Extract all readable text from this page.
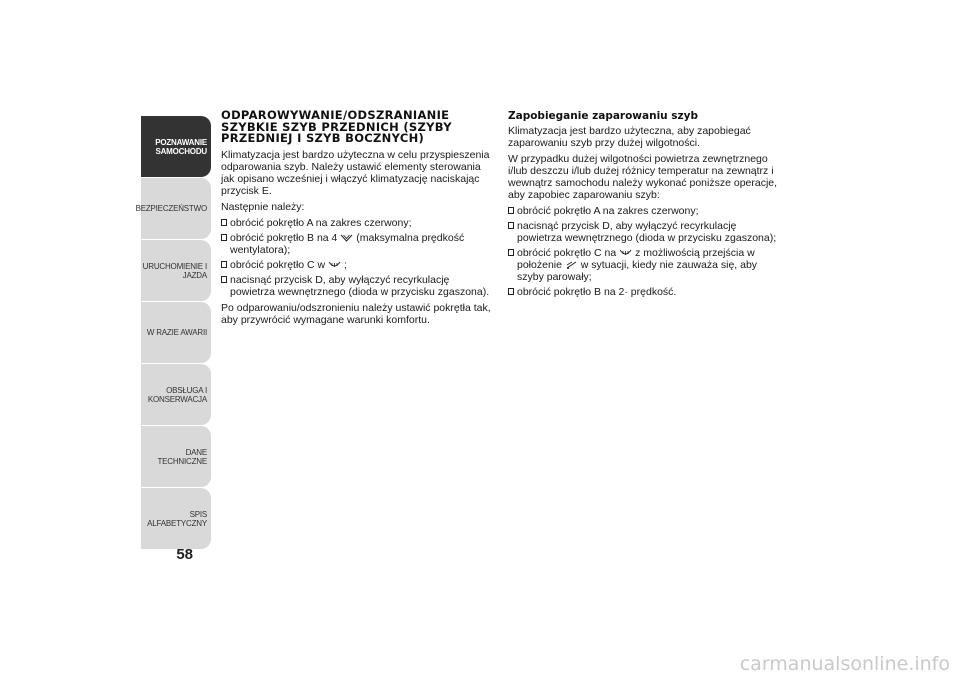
POZNAWANIE SAMOCHODU
BEZPIECZEŃSTWO
URUCHOMIENIE I JAZDA
W RAZIE AWARII
OBSŁUGA I KONSERWACJA
DANE TECHNICZNE
SPIS ALFABETYCZNY
58
ODPAROWYWANIE/ODSZRANIANIE SZYBKIE SZYB PRZEDNICH (SZYBY PRZEDNIEJ I SZYB BOCZNYCH)

Klimatyzacja jest bardzo użyteczna w celu przyspieszenia odparowania szyb. Należy ustawić elementy sterowania jak opisano wcześniej i włączyć klimatyzację naciskając przycisk E.

Następnie należy:

obrócić pokrętło A na zakres czerwony;
obrócić pokrętło B na 4 (maksymalna prędkość wentylatora);
obrócić pokrętło C w ;
nacisnąć przycisk D, aby wyłączyć recyrkulację powietrza wewnętrznego (dioda w przycisku zgaszona).

Po odparowaniu/odszronieniu należy ustawić pokrętła tak, aby przywrócić wymagane warunki komfortu.

Zapobieganie zaparowaniu szyb

Klimatyzacja jest bardzo użyteczna, aby zapobiegać zaparowaniu szyb przy dużej wilgotności.

W przypadku dużej wilgotności powietrza zewnętrznego i/lub deszczu i/lub dużej różnicy temperatur na zewnątrz i wewnątrz samochodu należy wykonać poniższe operacje, aby zapobiec zaparowaniu szyb:

obrócić pokrętło A na zakres czerwony;
nacisnąć przycisk D, aby wyłączyć recyrkulację powietrza wewnętrznego (dioda w przycisku zgaszona);
obrócić pokrętło C na z możliwością przejścia w położenie w sytuacji, kiedy nie zauważa się, aby szyby parowały;
obrócić pokrętło B na 2· prędkość.
carmanualsonline.info
